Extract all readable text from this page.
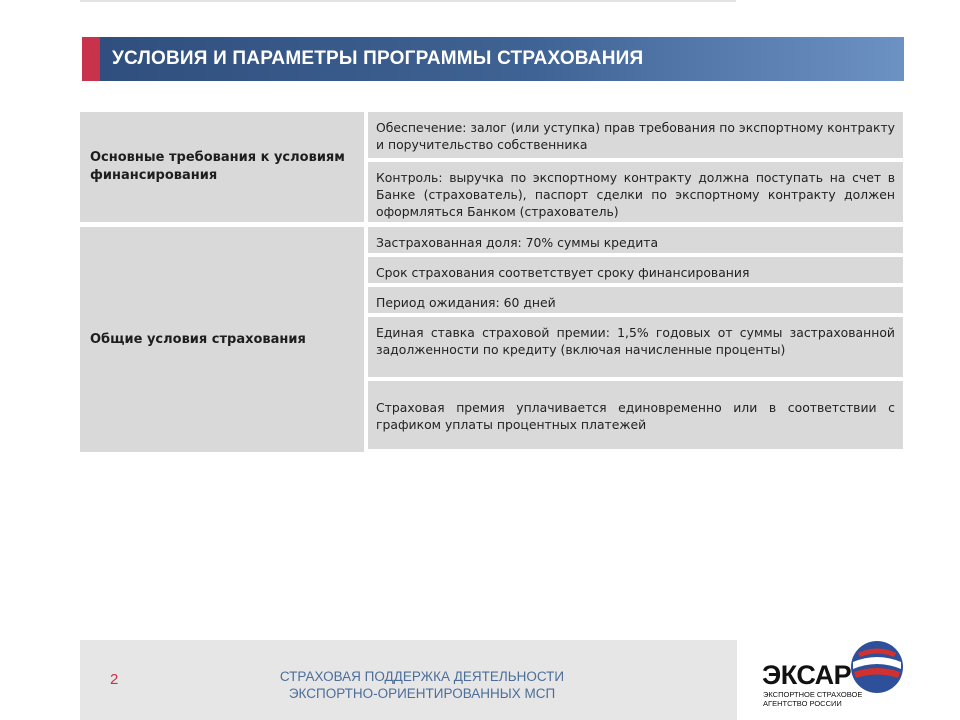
УСЛОВИЯ И ПАРАМЕТРЫ ПРОГРАММЫ СТРАХОВАНИЯ
Основные требования к условиям финансирования
Обеспечение: залог (или уступка) прав требования по экспортному контракту и поручительство собственника
Контроль: выручка по экспортному контракту должна поступать на счет в Банке (страхователь), паспорт сделки по экспортному контракту должен оформляться Банком (страхователь)
Общие условия страхования
Застрахованная доля: 70% суммы кредита
Срок страхования соответствует сроку финансирования
Период ожидания: 60 дней
Единая ставка страховой премии: 1,5% годовых от суммы застрахованной задолженности по кредиту (включая начисленные проценты)
Страховая премия уплачивается единовременно или в соответствии с графиком уплаты процентных платежей
2	СТРАХОВАЯ ПОДДЕРЖКА ДЕЯТЕЛЬНОСТИ
ЭКСПОРТНО-ОРИЕНТИРОВАННЫХ МСП
ЭКСАР
ЭКСПОРТНОЕ СТРАХОВОЕ АГЕНТСТВО РОССИИ
